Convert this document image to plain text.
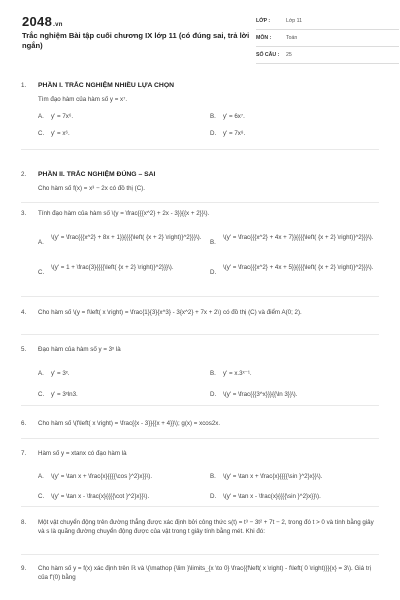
2048.vn
Trắc nghiệm Bài tập cuối chương IX lớp 11 (có đúng sai, trả lời ngắn)
LỚP :	Lớp 11
MÔN :	Toán
SỐ CÂU :	25
1. PHẦN I. TRẮC NGHIỆM NHIỀU LỰA CHỌN
Tìm đạo hàm của hàm số y = x⁷.
A. y' = 7x⁶.	B. y' = 6x⁷.
C. y' = x⁶.	D. y' = 7x⁸.
2. PHẦN II. TRẮC NGHIỆM ĐÚNG – SAI
Cho hàm số f(x) = x³ − 2x có đồ thị (C).
3. Tính đạo hàm của hàm số \(y = \frac{{{x^2} + 2x - 3}}{{x + 2}}\).
A.
\(y' = \frac{{{x^2} + 8x + 1}}{{{{\left( {x + 2} \right)}^2}}}\).
B.
\(y' = \frac{{{x^2} + 4x + 7}}{{{{\left( {x + 2} \right)}^2}}}\).
C.
\(y' = 1 + \frac{3}{{{{\left( {x + 2} \right)}^2}}}\).
D.
\(y' = \frac{{{x^2} + 4x + 5}}{{{{\left( {x + 2} \right)}^2}}}\).
4. Cho hàm số \(y = f\left( x \right) = \frac{1}{3}{x^3} - 3{x^2} + 7x + 2\) có đồ thị (C) và điểm A(0; 2).
5. Đạo hàm của hàm số y = 3ˣ là
A. y' = 3ˣ.	B. y' = x.3ˣ⁻¹.
C. y' = 3ˣln3.	D. \(y' = \frac{{{3^x}}}{{\ln 3}}\).
6. Cho hàm số \(f\left( x \right) = \frac{{x - 3}}{{x + 4}}\); g(x) = xcos2x.
7. Hàm số y = xtanx có đạo hàm là
A. \(y' = \tan x + \frac{x}{{{{\cos }^2}x}}\).	B. \(y' = \tan x + \frac{x}{{{{\sin }^2}x}}\).
C. \(y' = \tan x - \frac{x}{{{{\cot }^2}x}}\).	D. \(y' = \tan x - \frac{x}{{{{\sin }^2}x}}\).
8. Một vật chuyển động trên đường thẳng được xác định bởi công thức s(t) = t³ − 3t² + 7t − 2, trong đó t > 0 và tính bằng giây và s là quãng đường chuyển động được của vật trong t giây tính bằng mét. Khi đó:
9. Cho hàm số y = f(x) xác định trên ℝ và \(\mathop {\lim }\limits_{x \to 0} \frac{{f\left( x \right) - f\left( 0 \right)}}{x} = 3\). Giá trị của f'(0) bằng
